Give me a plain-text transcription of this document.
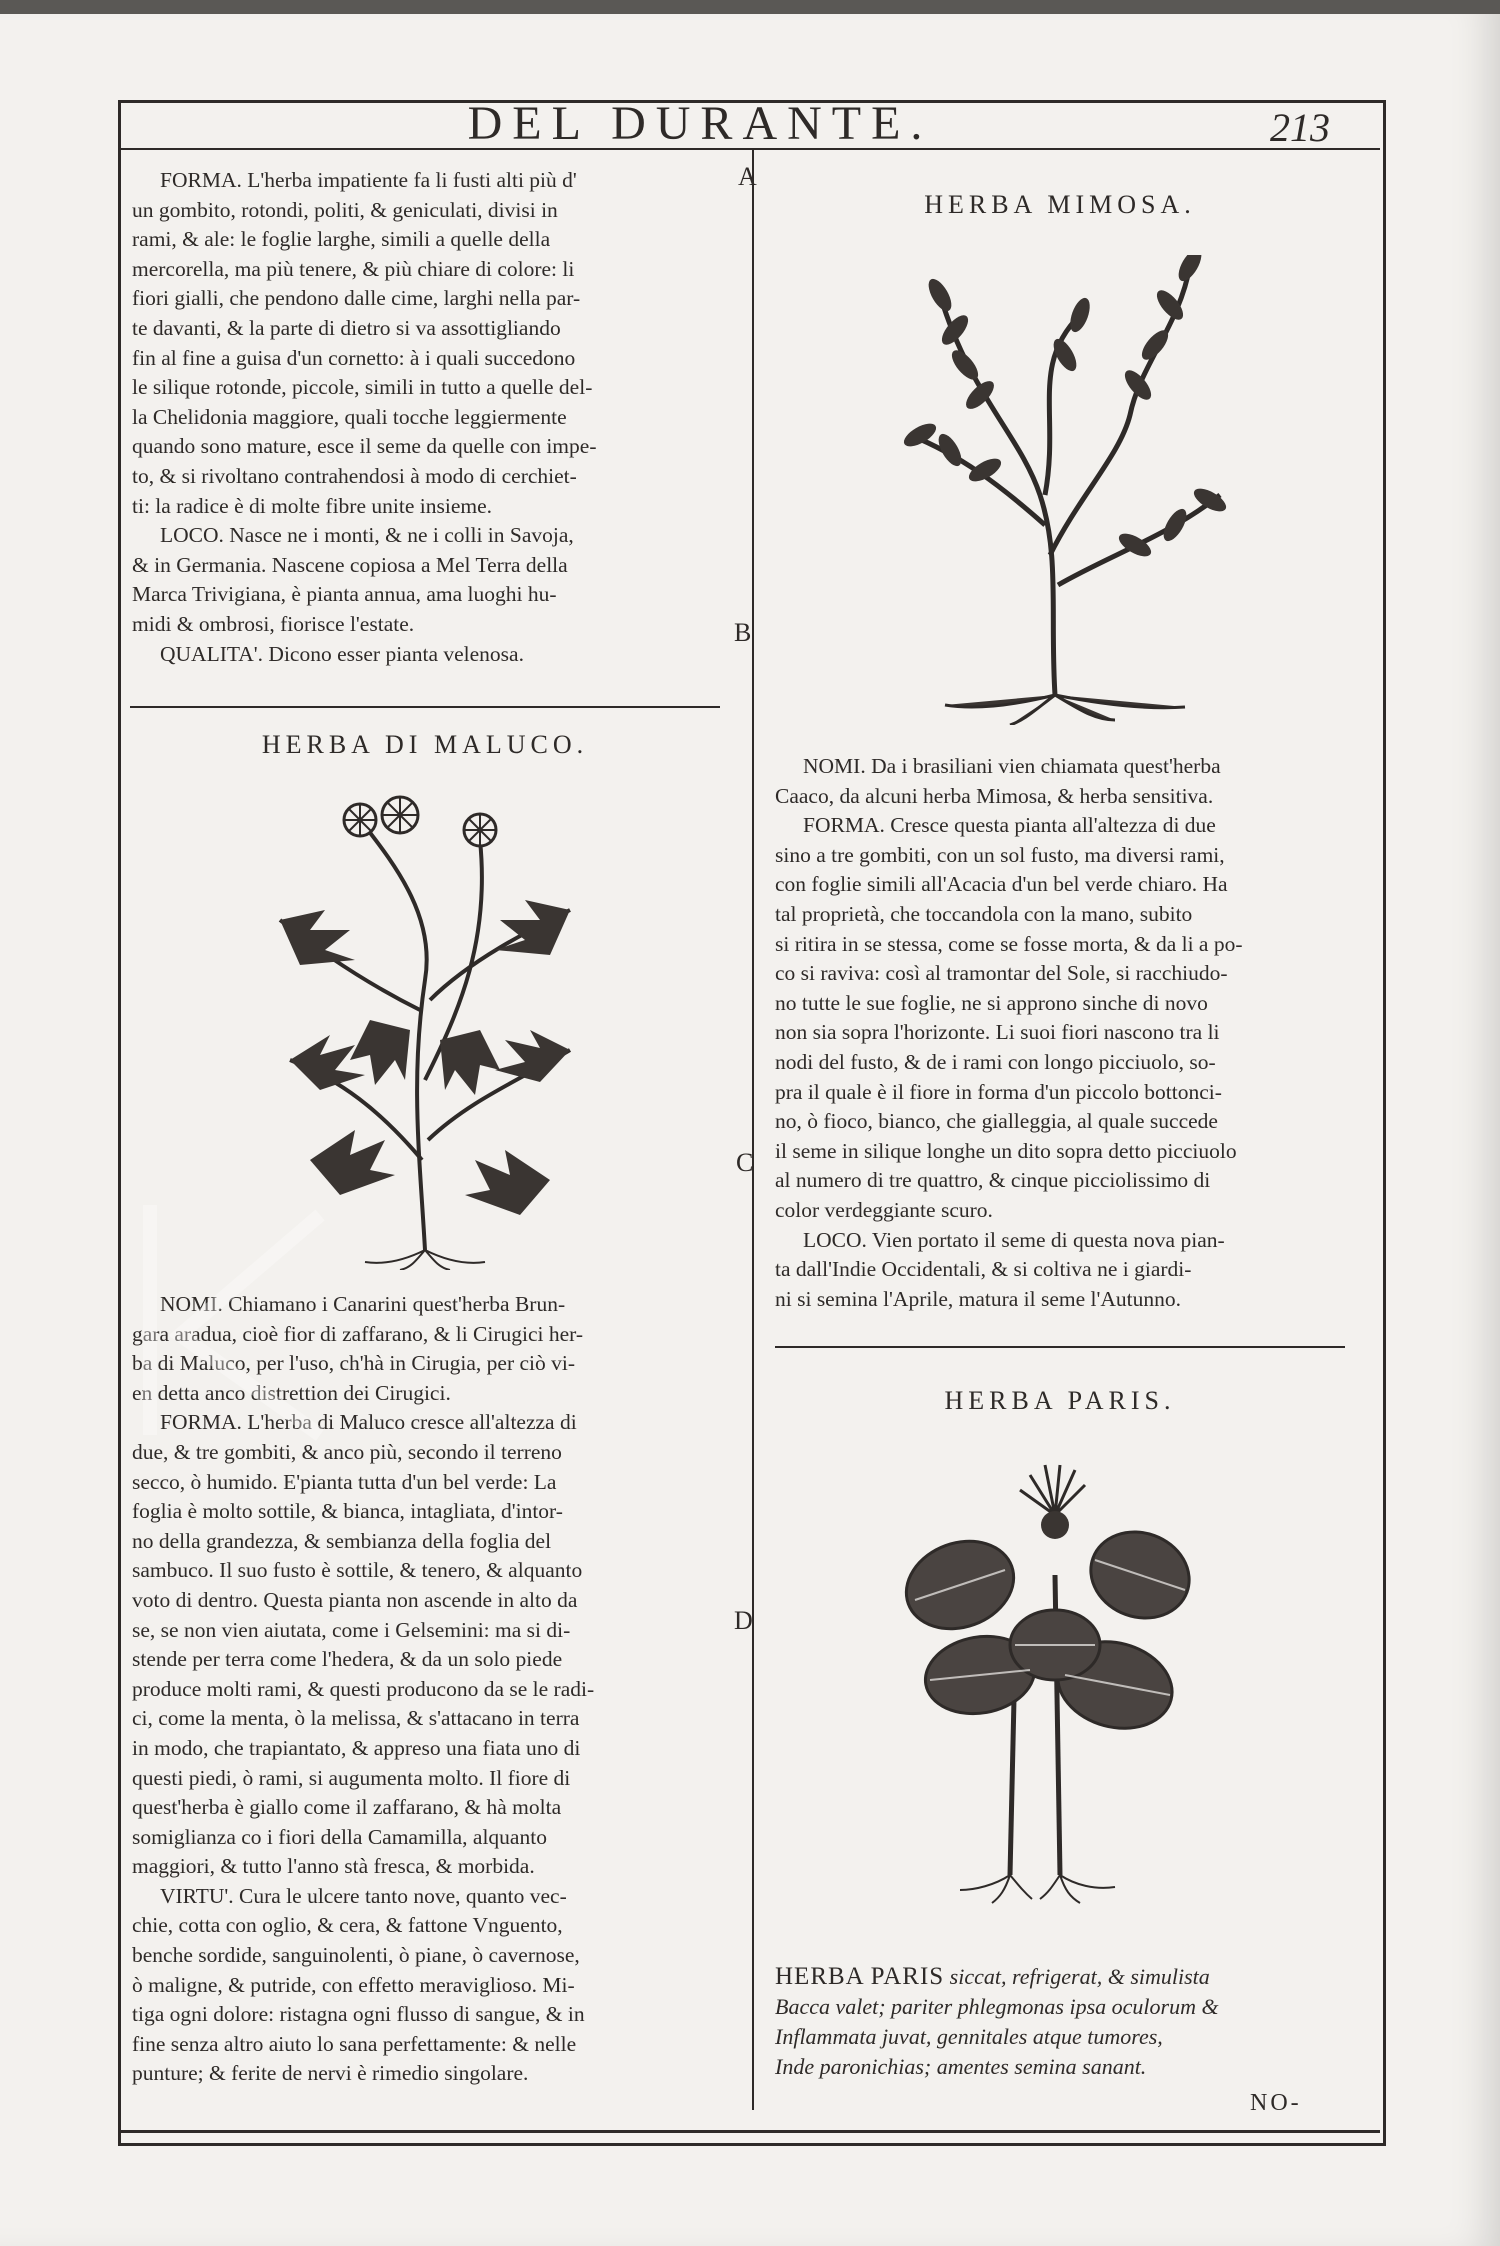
DEL DURANTE.	213
A
B
C
D

FORMA. L'herba impatiente fa li fusti alti più d'

un gombito, rotondi, politi, & geniculati, divisi in

rami, & ale: le foglie larghe, simili a quelle della

mercorella, ma più tenere, & più chiare di colore: li

fiori gialli, che pendono dalle cime, larghi nella par-

te davanti, & la parte di dietro si va assottigliando

fin al fine a guisa d'un cornetto: à i quali succedono

le silique rotonde, piccole, simili in tutto a quelle del-

la Chelidonia maggiore, quali tocche leggiermente

quando sono mature, esce il seme da quelle con impe-

to, & si rivoltano contrahendosi à modo di cerchiet-

ti: la radice è di molte fibre unite insieme.

LOCO. Nasce ne i monti, & ne i colli in Savoja,

& in Germania. Nascene copiosa a Mel Terra della

Marca Trivigiana, è pianta annua, ama luoghi hu-

midi & ombrosi, fiorisce l'estate.

QUALITA'. Dicono esser pianta velenosa.

HERBA DI MALUCO.

NOMI. Chiamano i Canarini quest'herba Brun-

gara aradua, cioè fior di zaffarano, & li Cirugici her-

ba di Maluco, per l'uso, ch'hà in Cirugia, per ciò vi-

en detta anco distrettion dei Cirugici.

FORMA. L'herba di Maluco cresce all'altezza di

due, & tre gombiti, & anco più, secondo il terreno

secco, ò humido. E'pianta tutta d'un bel verde: La

foglia è molto sottile, & bianca, intagliata, d'intor-

no della grandezza, & sembianza della foglia del

sambuco. Il suo fusto è sottile, & tenero, & alquanto

voto di dentro. Questa pianta non ascende in alto da

se, se non vien aiutata, come i Gelsemini: ma si di-

stende per terra come l'hedera, & da un solo piede

produce molti rami, & questi producono da se le radi-

ci, come la menta, ò la melissa, & s'attacano in terra

in modo, che trapiantato, & appreso una fiata uno di

questi piedi, ò rami, si augumenta molto. Il fiore di

quest'herba è giallo come il zaffarano, & hà molta

somiglianza co i fiori della Camamilla, alquanto

maggiori, & tutto l'anno stà fresca, & morbida.

VIRTU'. Cura le ulcere tanto nove, quanto vec-

chie, cotta con oglio, & cera, & fattone Vnguento,

benche sordide, sanguinolenti, ò piane, ò cavernose,

ò maligne, & putride, con effetto meraviglioso. Mi-

tiga ogni dolore: ristagna ogni flusso di sangue, & in

fine senza altro aiuto lo sana perfettamente: & nelle

punture; & ferite de nervi è rimedio singolare.

HERBA MIMOSA.

NOMI. Da i brasiliani vien chiamata quest'herba

Caaco, da alcuni herba Mimosa, & herba sensitiva.

FORMA. Cresce questa pianta all'altezza di due

sino a tre gombiti, con un sol fusto, ma diversi rami,

con foglie simili all'Acacia d'un bel verde chiaro. Ha

tal proprietà, che toccandola con la mano, subito

si ritira in se stessa, come se fosse morta, & da li a po-

co si raviva: così al tramontar del Sole, si racchiudo-

no tutte le sue foglie, ne si approno sinche di novo

non sia sopra l'horizonte. Li suoi fiori nascono tra li

nodi del fusto, & de i rami con longo picciuolo, so-

pra il quale è il fiore in forma d'un piccolo bottonci-

no, ò fioco, bianco, che gialleggia, al quale succede

il seme in silique longhe un dito sopra detto picciuolo

al numero di tre quattro, & cinque picciolissimo di

color verdeggiante scuro.

LOCO. Vien portato il seme di questa nova pian-

ta dall'Indie Occidentali, & si coltiva ne i giardi-

ni si semina l'Aprile, matura il seme l'Autunno.

HERBA PARIS.
HERBA PARIS siccat, refrigerat, & simulista
Bacca valet; pariter phlegmonas ipsa oculorum &
Inflammata juvat, gennitales atque tumores,
Inde paronichias; amentes semina sanant.
NO-
